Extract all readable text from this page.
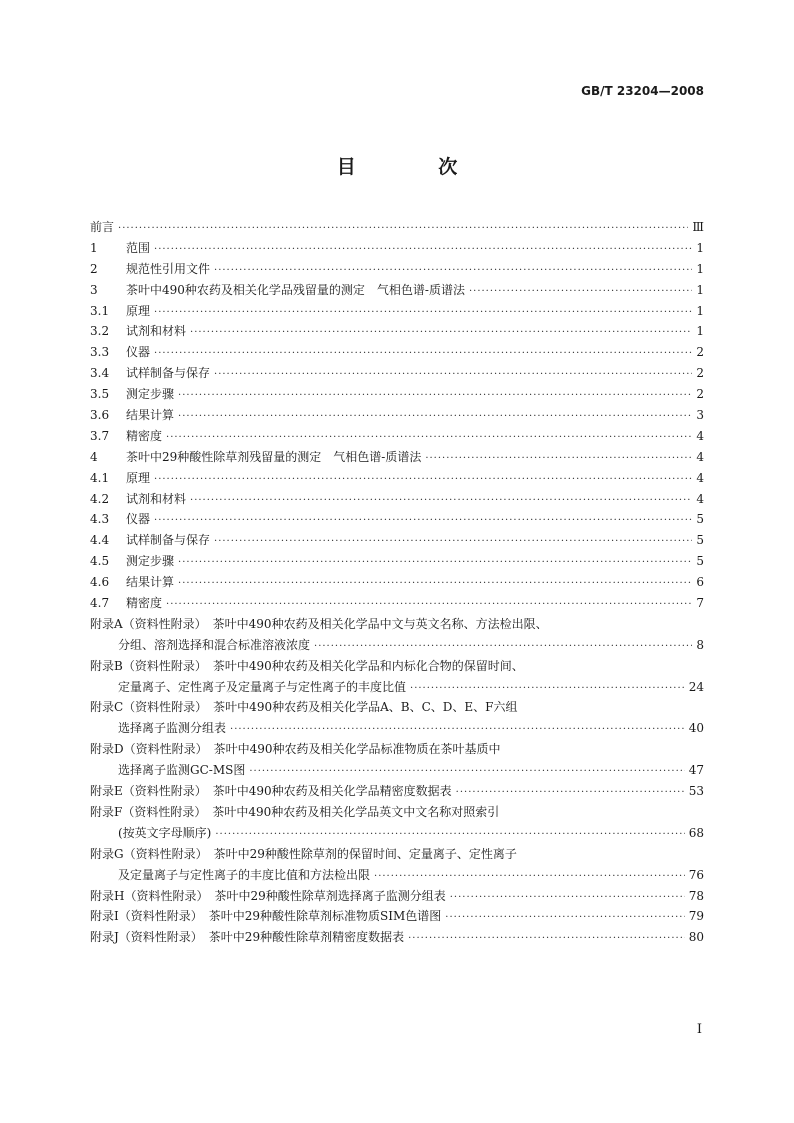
GB/T 23204—2008
目 次
前言 ·····	Ⅲ
1	范围 ·····	1
2	规范性引用文件 ·····	1
3	茶叶中490种农药及相关化学品残留量的测定　气相色谱-质谱法 ·····	1
3.1	原理 ·····	1
3.2	试剂和材料 ·····	1
3.3	仪器 ·····	2
3.4	试样制备与保存 ·····	2
3.5	测定步骤 ·····	2
3.6	结果计算 ·····	3
3.7	精密度 ·····	4
4	茶叶中29种酸性除草剂残留量的测定　气相色谱-质谱法 ·····	4
4.1	原理 ·····	4
4.2	试剂和材料 ·····	4
4.3	仪器 ·····	5
4.4	试样制备与保存 ·····	5
4.5	测定步骤 ·····	5
4.6	结果计算 ·····	6
4.7	精密度 ·····	7
附录A（资料性附录）　茶叶中490种农药及相关化学品中文与英文名称、方法检出限、
分组、溶剂选择和混合标准溶液浓度 ·····	8
附录B（资料性附录）　茶叶中490种农药及相关化学品和内标化合物的保留时间、
定量离子、定性离子及定量离子与定性离子的丰度比值 ·····	24
附录C（资料性附录）　茶叶中490种农药及相关化学品A、B、C、D、E、F六组
选择离子监测分组表 ·····	40
附录D（资料性附录）　茶叶中490种农药及相关化学品标准物质在茶叶基质中
选择离子监测GC-MS图 ·····	47
附录E（资料性附录）　茶叶中490种农药及相关化学品精密度数据表 ·····	53
附录F（资料性附录）　茶叶中490种农药及相关化学品英文中文名称对照索引
(按英文字母顺序) ·····	68
附录G（资料性附录）　茶叶中29种酸性除草剂的保留时间、定量离子、定性离子
及定量离子与定性离子的丰度比值和方法检出限 ·····	76
附录H（资料性附录）　茶叶中29种酸性除草剂选择离子监测分组表 ·····	78
附录I（资料性附录）　茶叶中29种酸性除草剂标准物质SIM色谱图 ·····	79
附录J（资料性附录）　茶叶中29种酸性除草剂精密度数据表 ·····	80
Ⅰ
